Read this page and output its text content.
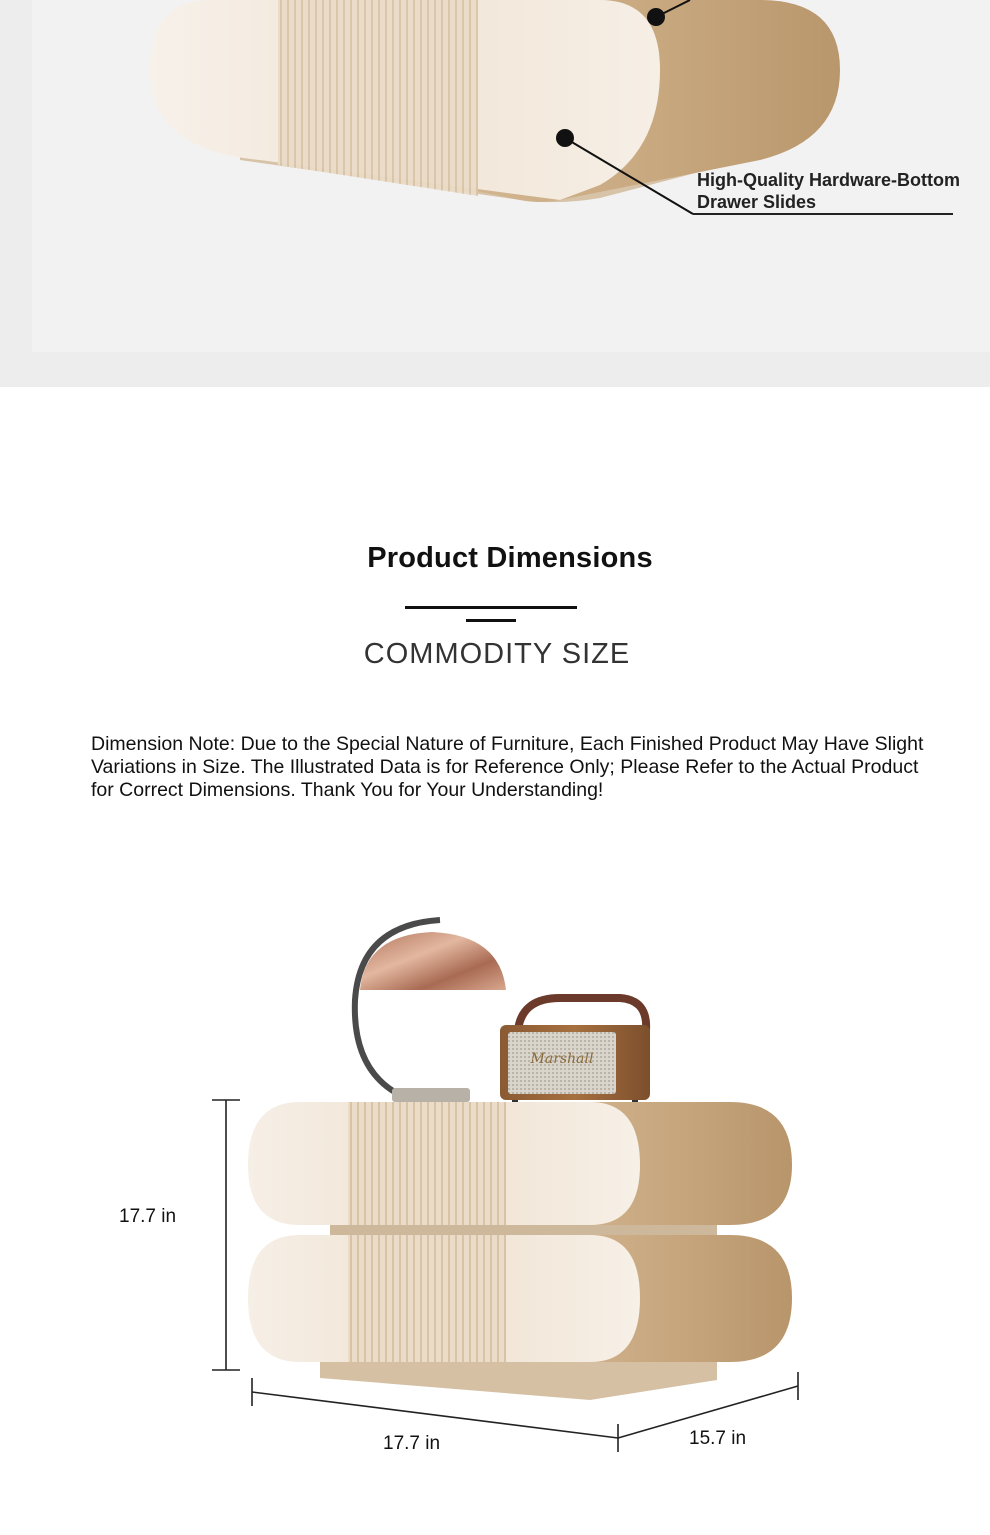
High-Quality Hardware-Bottom Drawer Slides
Product Dimensions
COMMODITY SIZE
Dimension Note: Due to the Special Nature of Furniture, Each Finished Product May Have Slight Variations in Size. The Illustrated Data is for Reference Only; Please Refer to the Actual Product for Correct Dimensions. Thank You for Your Understanding!
Marshall
17.7 in
17.7 in	15.7 in
